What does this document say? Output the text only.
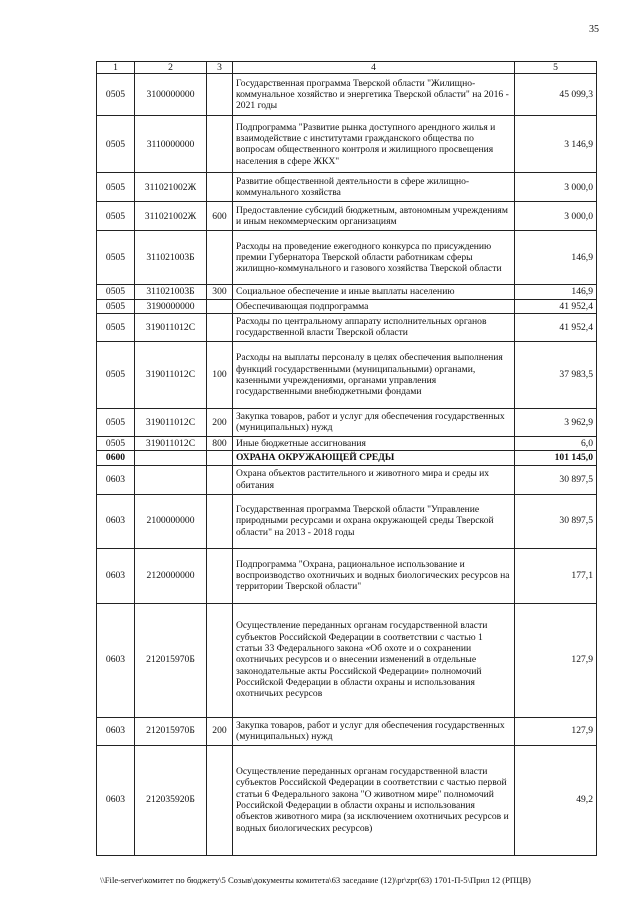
35
1	2	3	4	5
0505	3100000000		Государственная программа Тверской области "Жилищно-коммунальное хозяйство и энергетика Тверской области" на 2016 - 2021 годы	45 099,3
0505	3110000000		Подпрограмма "Развитие рынка доступного арендного жилья и взаимодействие с институтами гражданского общества по вопросам общественного контроля и жилищного просвещения населения в сфере ЖКХ"	3 146,9
0505	311021002Ж		Развитие общественной деятельности в сфере жилищно-коммунального хозяйства	3 000,0
0505	311021002Ж	600	Предоставление субсидий бюджетным, автономным учреждениям и иным некоммерческим организациям	3 000,0
0505	311021003Б		Расходы на проведение ежегодного конкурса по присуждению премии Губернатора Тверской области работникам сферы жилищно-коммунального и газового хозяйства Тверской области	146,9
0505	311021003Б	300	Социальное обеспечение и иные выплаты населению	146,9
0505	3190000000		Обеспечивающая подпрограмма	41 952,4
0505	319011012С		Расходы по центральному аппарату исполнительных органов государственной власти Тверской области	41 952,4
0505	319011012С	100	Расходы на выплаты персоналу в целях обеспечения выполнения функций государственными (муниципальными) органами, казенными учреждениями, органами управления государственными внебюджетными фондами	37 983,5
0505	319011012С	200	Закупка товаров, работ и услуг для обеспечения государственных (муниципальных) нужд	3 962,9
0505	319011012С	800	Иные бюджетные ассигнования	6,0
0600			ОХРАНА ОКРУЖАЮЩЕЙ СРЕДЫ	101 145,0
0603			Охрана объектов растительного и животного мира и среды их обитания	30 897,5
0603	2100000000		Государственная программа Тверской области "Управление природными ресурсами и охрана окружающей среды Тверской области" на 2013 - 2018 годы	30 897,5
0603	2120000000		Подпрограмма "Охрана, рациональное использование и воспроизводство охотничьих и водных биологических ресурсов на территории Тверской области"	177,1
0603	212015970Б		Осуществление переданных органам государственной власти субъектов Российской Федерации в соответствии с частью 1 статьи 33 Федерального закона «Об охоте и о сохранении охотничьих ресурсов и о внесении изменений в отдельные законодательные акты Российской Федерации» полномочий Российской Федерации в области охраны и использования охотничьих ресурсов	127,9
0603	212015970Б	200	Закупка товаров, работ и услуг для обеспечения государственных (муниципальных) нужд	127,9
0603	212035920Б		Осуществление переданных органам государственной власти субъектов Российской Федерации в соответствии с частью первой статьи 6 Федерального закона "О животном мире" полномочий Российской Федерации в области охраны и использования объектов животного мира (за исключением охотничьих ресурсов и водных биологических ресурсов)	49,2
\\File-server\комитет по бюджету\5 Созыв\документы комитета\63 заседание (12)\pr\zpr(63) 1701-П-5\Прил 12 (РПЦВ)
